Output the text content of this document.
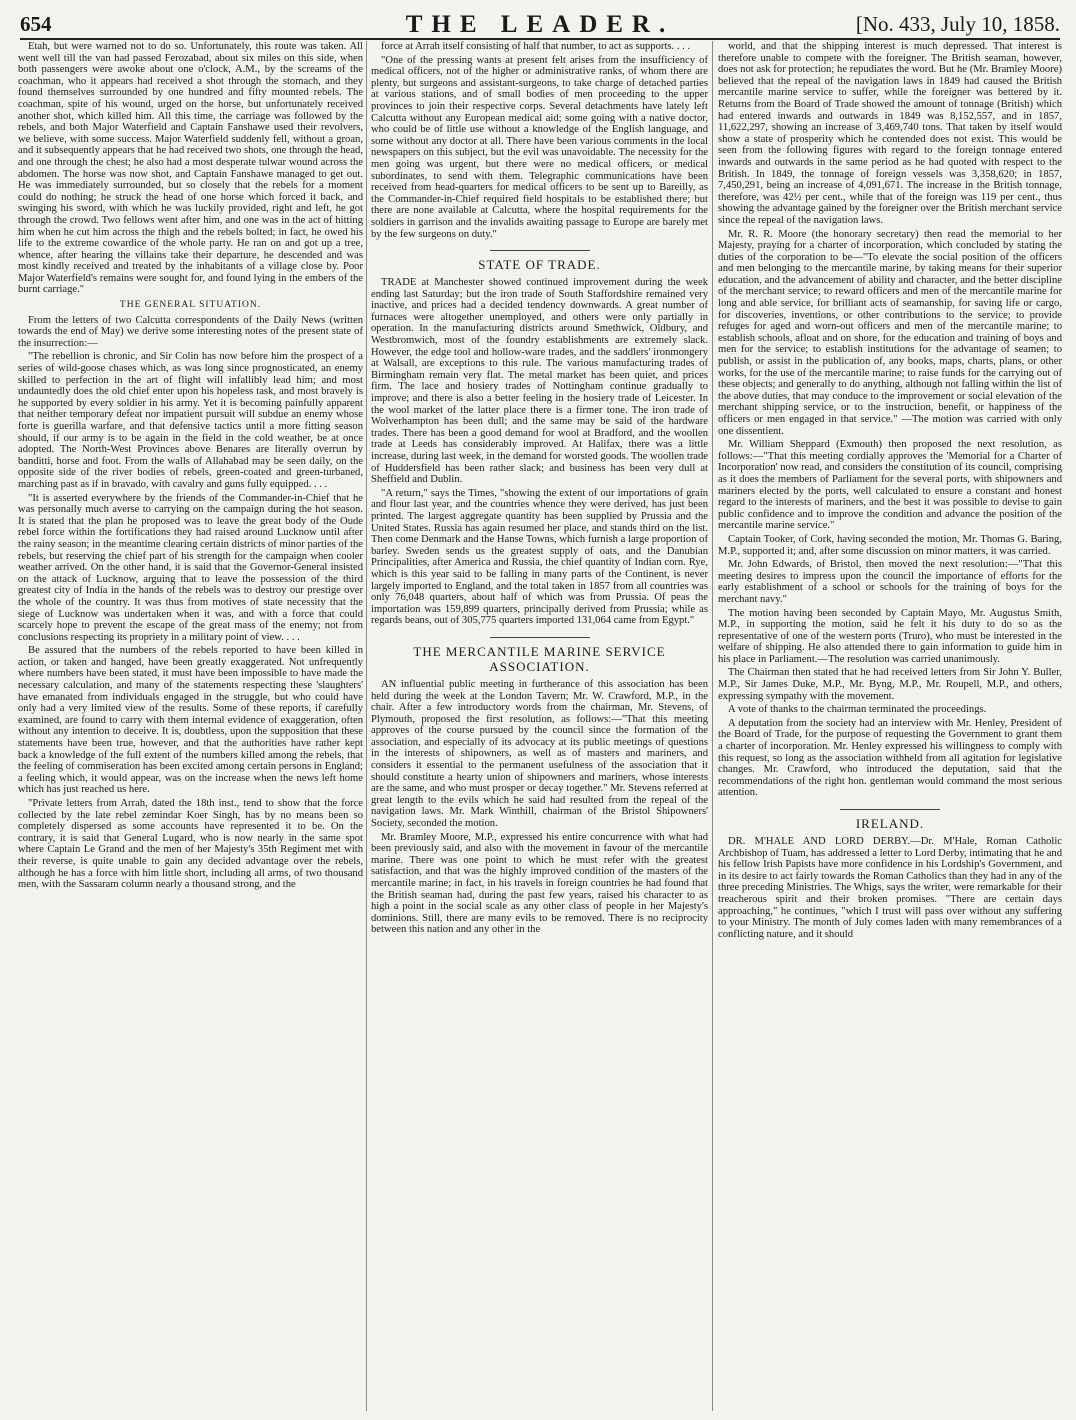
654	THE LEADER.	[No. 433, July 10, 1858.

Etah, but were warned not to do so. Unfortunately, this route was taken. All went well till the van had passed Ferozabad, about six miles on this side, when both passengers were awoke about one o'clock, A.M., by the screams of the coachman, who it appears had received a shot through the stomach, and they found themselves surrounded by one hundred and fifty mounted rebels. The coachman, spite of his wound, urged on the horse, but unfortunately received another shot, which killed him. All this time, the carriage was followed by the rebels, and both Major Waterfield and Captain Fanshawe used their revolvers, we believe, with some success. Major Waterfield suddenly fell, without a groan, and it subsequently appears that he had received two shots, one through the head, and one through the chest; he also had a most desperate tulwar wound across the abdomen. The horse was now shot, and Captain Fanshawe managed to get out. He was immediately surrounded, but so closely that the rebels for a moment could do nothing; he struck the head of one horse which forced it back, and swinging his sword, with which he was luckily provided, right and left, he got through the crowd. Two fellows went after him, and one was in the act of hitting him when he cut him across the thigh and the rebels bolted; in fact, he owed his life to the extreme cowardice of the whole party. He ran on and got up a tree, whence, after hearing the villains take their departure, he descended and was most kindly received and treated by the inhabitants of a village close by. Poor Major Waterfield's remains were sought for, and found lying in the embers of the burnt carriage."

THE GENERAL SITUATION.

From the letters of two Calcutta correspondents of the Daily News (written towards the end of May) we derive some interesting notes of the present state of the insurrection:—

"The rebellion is chronic, and Sir Colin has now before him the prospect of a series of wild-goose chases which, as was long since prognosticated, an enemy skilled to perfection in the art of flight will infallibly lead him; and most undauntedly does the old chief enter upon his hopeless task, and most bravely is he supported by every soldier in his army. Yet it is becoming painfully apparent that neither temporary defeat nor impatient pursuit will subdue an enemy whose forte is guerilla warfare, and that defensive tactics until a more fitting season should, if our army is to be again in the field in the cold weather, be at once adopted. The North-West Provinces above Benares are literally overrun by banditti, horse and foot. From the walls of Allahabad may be seen daily, on the opposite side of the river bodies of rebels, green-coated and green-turbaned, marching past as if in bravado, with cavalry and guns fully equipped. . . .

"It is asserted everywhere by the friends of the Commander-in-Chief that he was personally much averse to carrying on the campaign during the hot season. It is stated that the plan he proposed was to leave the great body of the Oude rebel force within the fortifications they had raised around Lucknow until after the rainy season; in the meantime clearing certain districts of minor parties of the rebels, but reserving the chief part of his strength for the campaign when cooler weather arrived. On the other hand, it is said that the Governor-General insisted on the attack of Lucknow, arguing that to leave the possession of the third greatest city of India in the hands of the rebels was to destroy our prestige over the whole of the country. It was thus from motives of state necessity that the siege of Lucknow was undertaken when it was, and with a force that could scarcely hope to prevent the escape of the great mass of the enemy; not from conclusions respecting its propriety in a military point of view. . . .

Be assured that the numbers of the rebels reported to have been killed in action, or taken and hanged, have been greatly exaggerated. Not unfrequently where numbers have been stated, it must have been impossible to have made the necessary calculation, and many of the statements respecting these 'slaughters' have emanated from individuals engaged in the struggle, but who could have only had a very limited view of the results. Some of these reports, if carefully examined, are found to carry with them internal evidence of exaggeration, often without any intention to deceive. It is, doubtless, upon the supposition that these statements have been true, however, and that the authorities have rather kept back a knowledge of the full extent of the numbers killed among the rebels, that the feeling of commiseration has been excited among certain persons in England; a feeling which, it would appear, was on the increase when the news left home which has just reached us here.

"Private letters from Arrah, dated the 18th inst., tend to show that the force collected by the late rebel zemindar Koer Singh, has by no means been so completely dispersed as some accounts have represented it to be. On the contrary, it is said that General Lugard, who is now nearly in the same spot where Captain Le Grand and the men of her Majesty's 35th Regiment met with their reverse, is quite unable to gain any decided advantage over the rebels, although he has a force with him little short, including all arms, of two thousand men, with the Sassaram column nearly a thousand strong, and the

force at Arrah itself consisting of half that number, to act as supports. . . .

"One of the pressing wants at present felt arises from the insufficiency of medical officers, not of the higher or administrative ranks, of whom there are plenty, but surgeons and assistant-surgeons, to take charge of detached parties at various stations, and of small bodies of men proceeding to the upper provinces to join their respective corps. Several detachments have lately left Calcutta without any European medical aid; some going with a native doctor, who could be of little use without a knowledge of the English language, and some without any doctor at all. There have been various comments in the local newspapers on this subject, but the evil was unavoidable. The necessity for the men going was urgent, but there were no medical officers, or medical subordinates, to send with them. Telegraphic communications have been received from head-quarters for medical officers to be sent up to Bareilly, as the Commander-in-Chief required field hospitals to be established there; but there are none available at Calcutta, where the hospital requirements for the soldiers in garrison and the invalids awaiting passage to Europe are barely met by the few surgeons on duty."

STATE OF TRADE.

TRADE at Manchester showed continued improvement during the week ending last Saturday; but the iron trade of South Staffordshire remained very inactive, and prices had a decided tendency downwards. A great number of furnaces were altogether unemployed, and others were only partially in operation. In the manufacturing districts around Smethwick, Oldbury, and Westbromwich, most of the foundry establishments are extremely slack. However, the edge tool and hollow-ware trades, and the saddlers' ironmongery at Walsall, are exceptions to this rule. The various manufacturing trades of Birmingham remain very flat. The metal market has been quiet, and prices firm. The lace and hosiery trades of Nottingham continue gradually to improve; and there is also a better feeling in the hosiery trade of Leicester. In the wool market of the latter place there is a firmer tone. The iron trade of Wolverhampton has been dull; and the same may be said of the hardware trades. There has been a good demand for wool at Bradford, and the woollen trade at Leeds has considerably improved. At Halifax, there was a little increase, during last week, in the demand for worsted goods. The woollen trade of Huddersfield has been rather slack; and business has been very dull at Sheffield and Dublin.

"A return," says the Times, "showing the extent of our importations of grain and flour last year, and the countries whence they were derived, has just been printed. The largest aggregate quantity has been supplied by Prussia and the United States. Russia has again resumed her place, and stands third on the list. Then come Denmark and the Hanse Towns, which furnish a large proportion of barley. Sweden sends us the greatest supply of oats, and the Danubian Principalities, after America and Russia, the chief quantity of Indian corn. Rye, which is this year said to be falling in many parts of the Continent, is never largely imported to England, and the total taken in 1857 from all countries was only 76,048 quarters, about half of which was from Prussia. Of peas the importation was 159,899 quarters, principally derived from Prussia; while as regards beans, out of 305,775 quarters imported 131,064 came from Egypt."

THE MERCANTILE MARINE SERVICE ASSOCIATION.

AN influential public meeting in furtherance of this association has been held during the week at the London Tavern; Mr. W. Crawford, M.P., in the chair. After a few introductory words from the chairman, Mr. Stevens, of Plymouth, proposed the first resolution, as follows:—"That this meeting approves of the course pursued by the council since the formation of the association, and especially of its advocacy at its public meetings of questions in the interests of shipowners, as well as of masters and mariners, and considers it essential to the permanent usefulness of the association that it should constitute a hearty union of shipowners and mariners, whose interests are the same, and who must prosper or decay together." Mr. Stevens referred at great length to the evils which he said had resulted from the repeal of the navigation laws. Mr. Mark Winthill, chairman of the Bristol Shipowners' Society, seconded the motion.

Mr. Bramley Moore, M.P., expressed his entire concurrence with what had been previously said, and also with the movement in favour of the mercantile marine. There was one point to which he must refer with the greatest satisfaction, and that was the highly improved condition of the masters of the mercantile marine; in fact, in his travels in foreign countries he had found that the British seaman had, during the past few years, raised his character to as high a point in the social scale as any other class of people in her Majesty's dominions. Still, there are many evils to be removed. There is no reciprocity between this nation and any other in the

world, and that the shipping interest is much depressed. That interest is therefore unable to compete with the foreigner. The British seaman, however, does not ask for protection; he repudiates the word. But he (Mr. Bramley Moore) believed that the repeal of the navigation laws in 1849 had caused the British mercantile marine service to suffer, while the foreigner was bettered by it. Returns from the Board of Trade showed the amount of tonnage (British) which had entered inwards and outwards in 1849 was 8,152,557, and in 1857, 11,622,297, showing an increase of 3,469,740 tons. That taken by itself would show a state of prosperity which he contended does not exist. This would be seen from the following figures with regard to the foreign tonnage entered inwards and outwards in the same period as he had quoted with respect to the British. In 1849, the tonnage of foreign vessels was 3,358,620; in 1857, 7,450,291, being an increase of 4,091,671. The increase in the British tonnage, therefore, was 42½ per cent., while that of the foreign was 119 per cent., thus showing the advantage gained by the foreigner over the British merchant service since the repeal of the navigation laws.

Mr. R. R. Moore (the honorary secretary) then read the memorial to her Majesty, praying for a charter of incorporation, which concluded by stating the duties of the corporation to be—"To elevate the social position of the officers and men belonging to the mercantile marine, by taking means for their superior education, and the advancement of ability and character, and the better discipline of the merchant service; to reward officers and men of the mercantile marine for long and able service, for brilliant acts of seamanship, for saving life or cargo, for discoveries, inventions, or other contributions to the service; to provide refuges for aged and worn-out officers and men of the mercantile marine; to establish schools, afloat and on shore, for the education and training of boys and men for the service; to establish institutions for the advantage of seamen; to publish, or assist in the publication of, any books, maps, charts, plans, or other works, for the use of the mercantile marine; to raise funds for the carrying out of these objects; and generally to do anything, although not falling within the list of the above duties, that may conduce to the improvement or social elevation of the merchant shipping service, or to the instruction, benefit, or happiness of the officers or men engaged in that service." —The motion was carried with only one dissentient.

Mr. William Sheppard (Exmouth) then proposed the next resolution, as follows:—"That this meeting cordially approves the 'Memorial for a Charter of Incorporation' now read, and considers the constitution of its council, comprising as it does the members of Parliament for the several ports, with shipowners and mariners elected by the ports, well calculated to ensure a constant and honest regard to the interests of mariners, and the best it was possible to devise to gain public confidence and to improve the condition and advance the position of the mercantile marine service."

Captain Tooker, of Cork, having seconded the motion, Mr. Thomas G. Baring, M.P., supported it; and, after some discussion on minor matters, it was carried.

Mr. John Edwards, of Bristol, then moved the next resolution:—"That this meeting desires to impress upon the council the importance of efforts for the early establishment of a school or schools for the training of boys for the merchant navy."

The motion having been seconded by Captain Mayo, Mr. Augustus Smith, M.P., in supporting the motion, said he felt it his duty to do so as the representative of one of the western ports (Truro), who must be interested in the welfare of shipping. He also attended there to gain information to guide him in his place in Parliament.—The resolution was carried unanimously.

The Chairman then stated that he had received letters from Sir John Y. Buller, M.P., Sir James Duke, M.P., Mr. Byng, M.P., Mr. Roupell, M.P., and others, expressing sympathy with the movement.

A vote of thanks to the chairman terminated the proceedings.

A deputation from the society had an interview with Mr. Henley, President of the Board of Trade, for the purpose of requesting the Government to grant them a charter of incorporation. Mr. Henley expressed his willingness to comply with this request, so long as the association withheld from all agitation for legislative changes. Mr. Crawford, who introduced the deputation, said that the recommendations of the right hon. gentleman would command the most serious attention.

IRELAND.

DR. M'HALE AND LORD DERBY.—Dr. M'Hale, Roman Catholic Archbishop of Tuam, has addressed a letter to Lord Derby, intimating that he and his fellow Irish Papists have more confidence in his Lordship's Government, and in its desire to act fairly towards the Roman Catholics than they had in any of the three preceding Ministries. The Whigs, says the writer, were remarkable for their treacherous spirit and their broken promises. "There are certain days approaching," he continues, "which I trust will pass over without any suffering to your Ministry. The month of July comes laden with many remembrances of a conflicting nature, and it should
